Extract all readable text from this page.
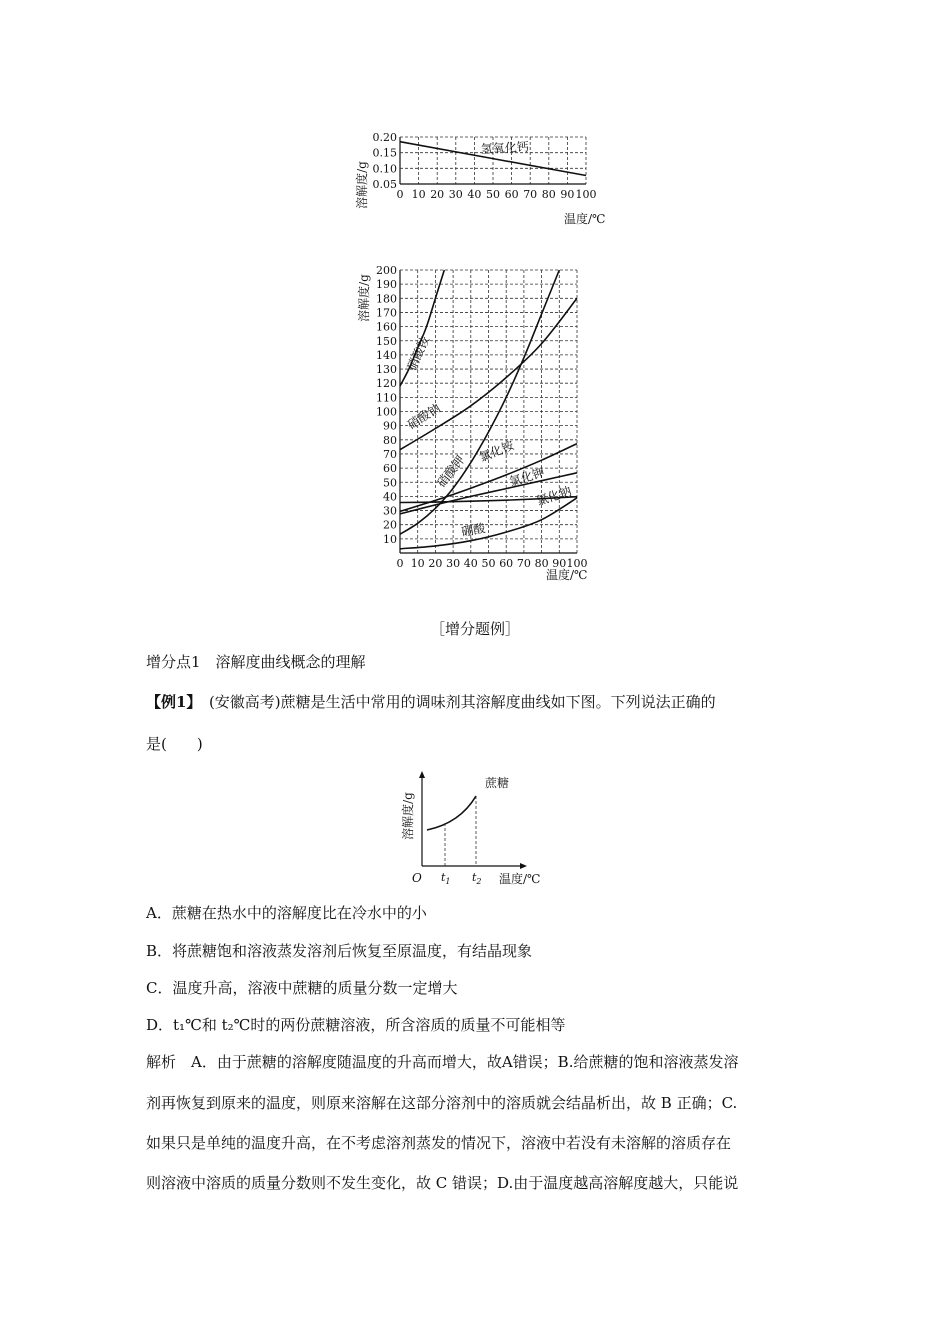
0 10 20 30 40 50 60 70 80 90 100
0.20
0.15
0.10
0.05
氢氧化钙
溶解度/g
温度/℃
0 10 20 30 40 50 60 70 80 90 100
200
190
180
170
160
150
140
130
120
110
100
90
80
70
60
50
40
30
20
10
硝酸铵
硝酸钠
硝酸钾
氯化铵
氯化钾
氯化钠
硼酸
溶解度/g
温度/℃
溶解度/g
蔗糖
O $t_1$ $t_2$ 温度/℃
［增分题例］
增分点1　溶解度曲线概念的理解
【例1】　(安徽高考)蔗糖是生活中常用的调味剂其溶解度曲线如下图。下列说法正确的
是(　　)
A．蔗糖在热水中的溶解度比在冷水中的小
B．将蔗糖饱和溶液蒸发溶剂后恢复至原温度，有结晶现象
C．温度升高，溶液中蔗糖的质量分数一定增大
D．t₁℃和 t₂℃时的两份蔗糖溶液，所含溶质的质量不可能相等
解析　A．由于蔗糖的溶解度随温度的升高而增大，故A错误；B.给蔗糖的饱和溶液蒸发溶
剂再恢复到原来的温度，则原来溶解在这部分溶剂中的溶质就会结晶析出，故 B 正确；C.
如果只是单纯的温度升高，在不考虑溶剂蒸发的情况下，溶液中若没有未溶解的溶质存在
则溶液中溶质的质量分数则不发生变化，故 C 错误；D.由于温度越高溶解度越大，只能说
